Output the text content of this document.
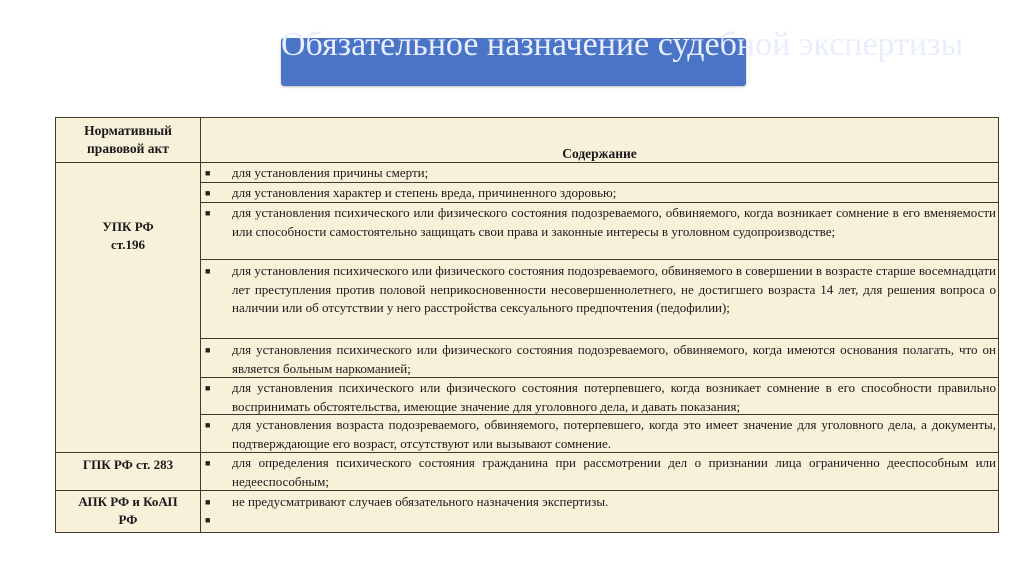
Обязательное назначение судебной экспертизы
Нормативный правовой акт	Содержание
УПК РФ ст.196
ГПК РФ ст. 283
АПК РФ и КоАП РФ
■ для установления причины смерти;
■ для установления характер и степень вреда, причиненного здоровью;
■ для установления психического или физического состояния подозреваемого, обвиняемого, когда возникает сомнение в его вменяемости или способности самостоятельно защищать свои права и законные интересы в уголовном судопроизводстве;
■ для установления психического или физического состояния подозреваемого, обвиняемого в совершении в возрасте старше восемнадцати лет преступления против половой неприкосновенности несовершеннолетнего, не достигшего возраста 14 лет, для решения вопроса о наличии или об отсутствии у него расстройства сексуального предпочтения (педофилии);
■ для установления психического или физического состояния подозреваемого, обвиняемого, когда имеются основания полагать, что он является больным наркоманией;
■ для установления психического или физического состояния потерпевшего, когда возникает сомнение в его способности правильно воспринимать обстоятельства, имеющие значение для уголовного дела, и давать показания;
■ для установления возраста подозреваемого, обвиняемого, потерпевшего, когда это имеет значение для уголовного дела, а документы, подтверждающие его возраст, отсутствуют или вызывают сомнение.
■ для определения психического состояния гражданина при рассмотрении дел о признании лица ограниченно дееспособным или недееспособным;
■ не предусматривают случаев обязательного назначения экспертизы.
■
